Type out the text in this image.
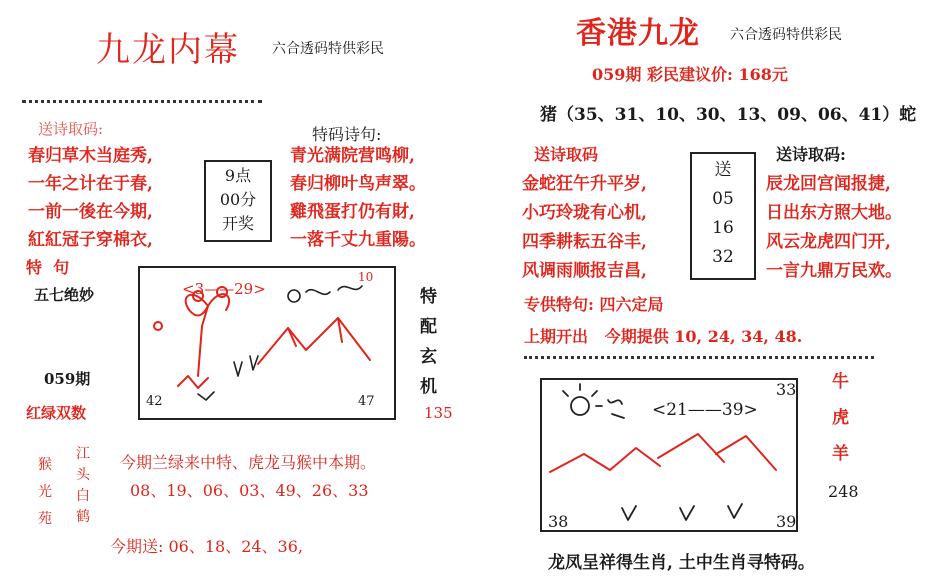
九龙内幕 六合透码特供彩民
送诗取码:
春归草木当庭秀,
一年之计在于春,
一前一後在今期,
紅紅冠子穿棉衣,
9点
00分
开奖
特码诗句:
青光满院营鸣柳,
春归柳叶鸟声翠。
雞飛蛋打仍有財,
一落千丈九重陽。
特  句
五七绝妙
059期
红绿双数
<3——29>
10
42	47
特
配
玄
机
135
猴
光
苑
江
头
白
鹤
今期兰绿来中特、虎龙马猴中本期。
08、19、06、03、49、26、33
今期送: 06、18、24、36,
香港九龙 六合透码特供彩民
059期 彩民建议价: 168元
猪（35、31、10、30、13、09、06、41）蛇
送诗取码
金蛇狂午升平岁,
小巧玲珑有心机,
四季耕耘五谷丰,
风调雨顺报吉昌,
送
05
16
32
送诗取码:
辰龙回宫闻报捷,
日出东方照大地。
风云龙虎四门开,
一言九鼎万民欢。
专供特句: 四六定局
上期开出   今期提供 10, 24, 34, 48.
<21——39>
33
38	39
牛
虎
羊
248
龙凤呈祥得生肖, 土中生肖寻特码。
